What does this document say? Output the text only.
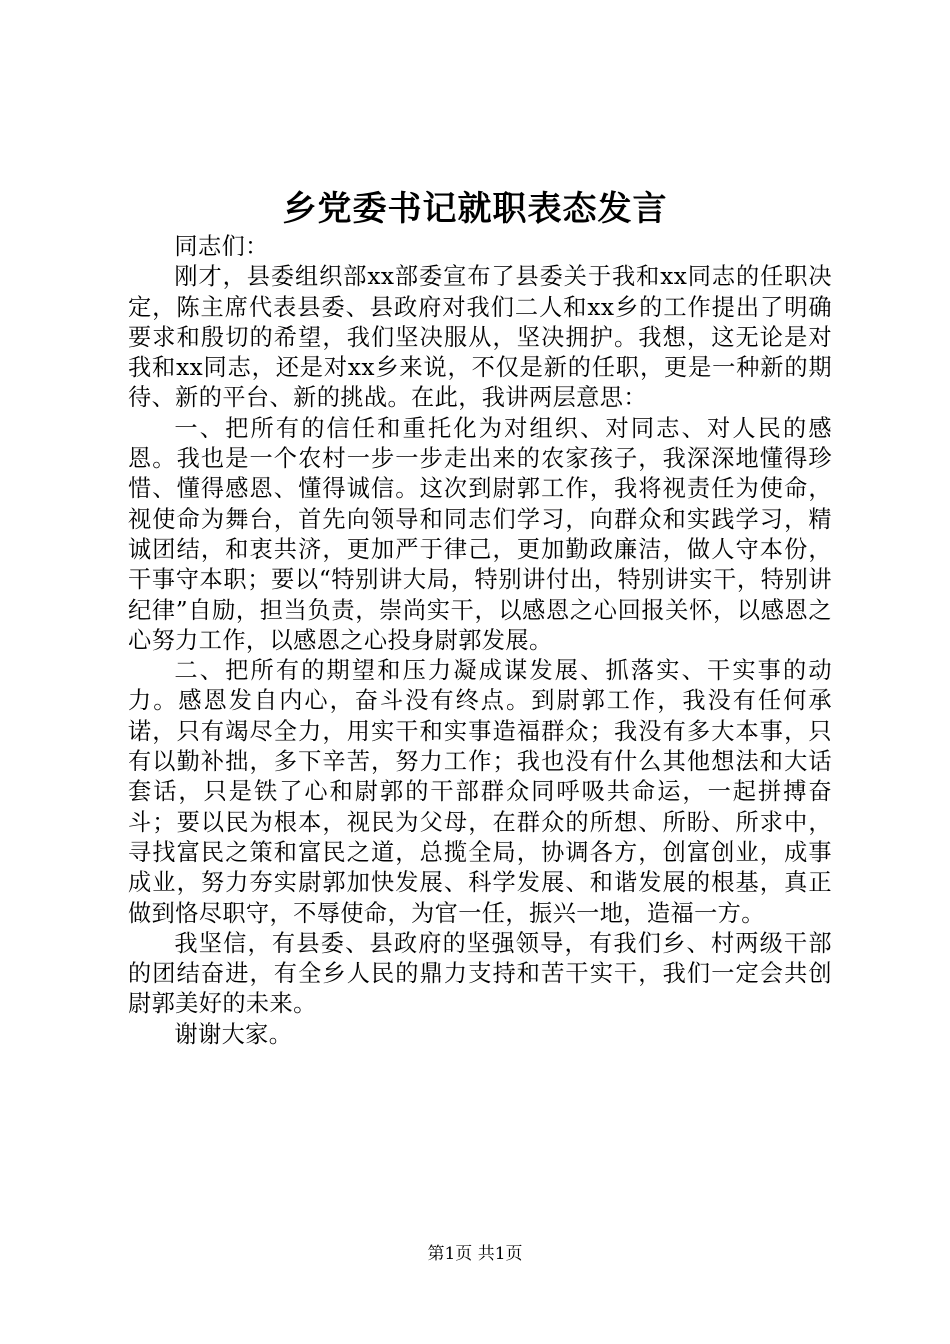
乡党委书记就职表态发言

同志们：

刚才，县委组织部xx部委宣布了县委关于我和xx同志的任职决定，陈主席代表县委、县政府对我们二人和xx乡的工作提出了明确要求和殷切的希望，我们坚决服从，坚决拥护。我想，这无论是对我和xx同志，还是对xx乡来说，不仅是新的任职，更是一种新的期待、新的平台、新的挑战。在此，我讲两层意思：

一、把所有的信任和重托化为对组织、对同志、对人民的感恩。我也是一个农村一步一步走出来的农家孩子，我深深地懂得珍惜、懂得感恩、懂得诚信。这次到尉郭工作，我将视责任为使命，视使命为舞台，首先向领导和同志们学习，向群众和实践学习，精诚团结，和衷共济，更加严于律己，更加勤政廉洁，做人守本份，干事守本职；要以“特别讲大局，特别讲付出，特别讲实干，特别讲纪律”自励，担当负责，崇尚实干，以感恩之心回报关怀，以感恩之心努力工作，以感恩之心投身尉郭发展。

二、把所有的期望和压力凝成谋发展、抓落实、干实事的动力。感恩发自内心，奋斗没有终点。到尉郭工作，我没有任何承诺，只有竭尽全力，用实干和实事造福群众；我没有多大本事，只有以勤补拙，多下辛苦，努力工作；我也没有什么其他想法和大话套话，只是铁了心和尉郭的干部群众同呼吸共命运，一起拼搏奋斗；要以民为根本，视民为父母，在群众的所想、所盼、所求中，寻找富民之策和富民之道，总揽全局，协调各方，创富创业，成事成业，努力夯实尉郭加快发展、科学发展、和谐发展的根基，真正做到恪尽职守，不辱使命，为官一任，振兴一地，造福一方。

我坚信，有县委、县政府的坚强领导，有我们乡、村两级干部的团结奋进，有全乡人民的鼎力支持和苦干实干，我们一定会共创尉郭美好的未来。

谢谢大家。

第1页 共1页
